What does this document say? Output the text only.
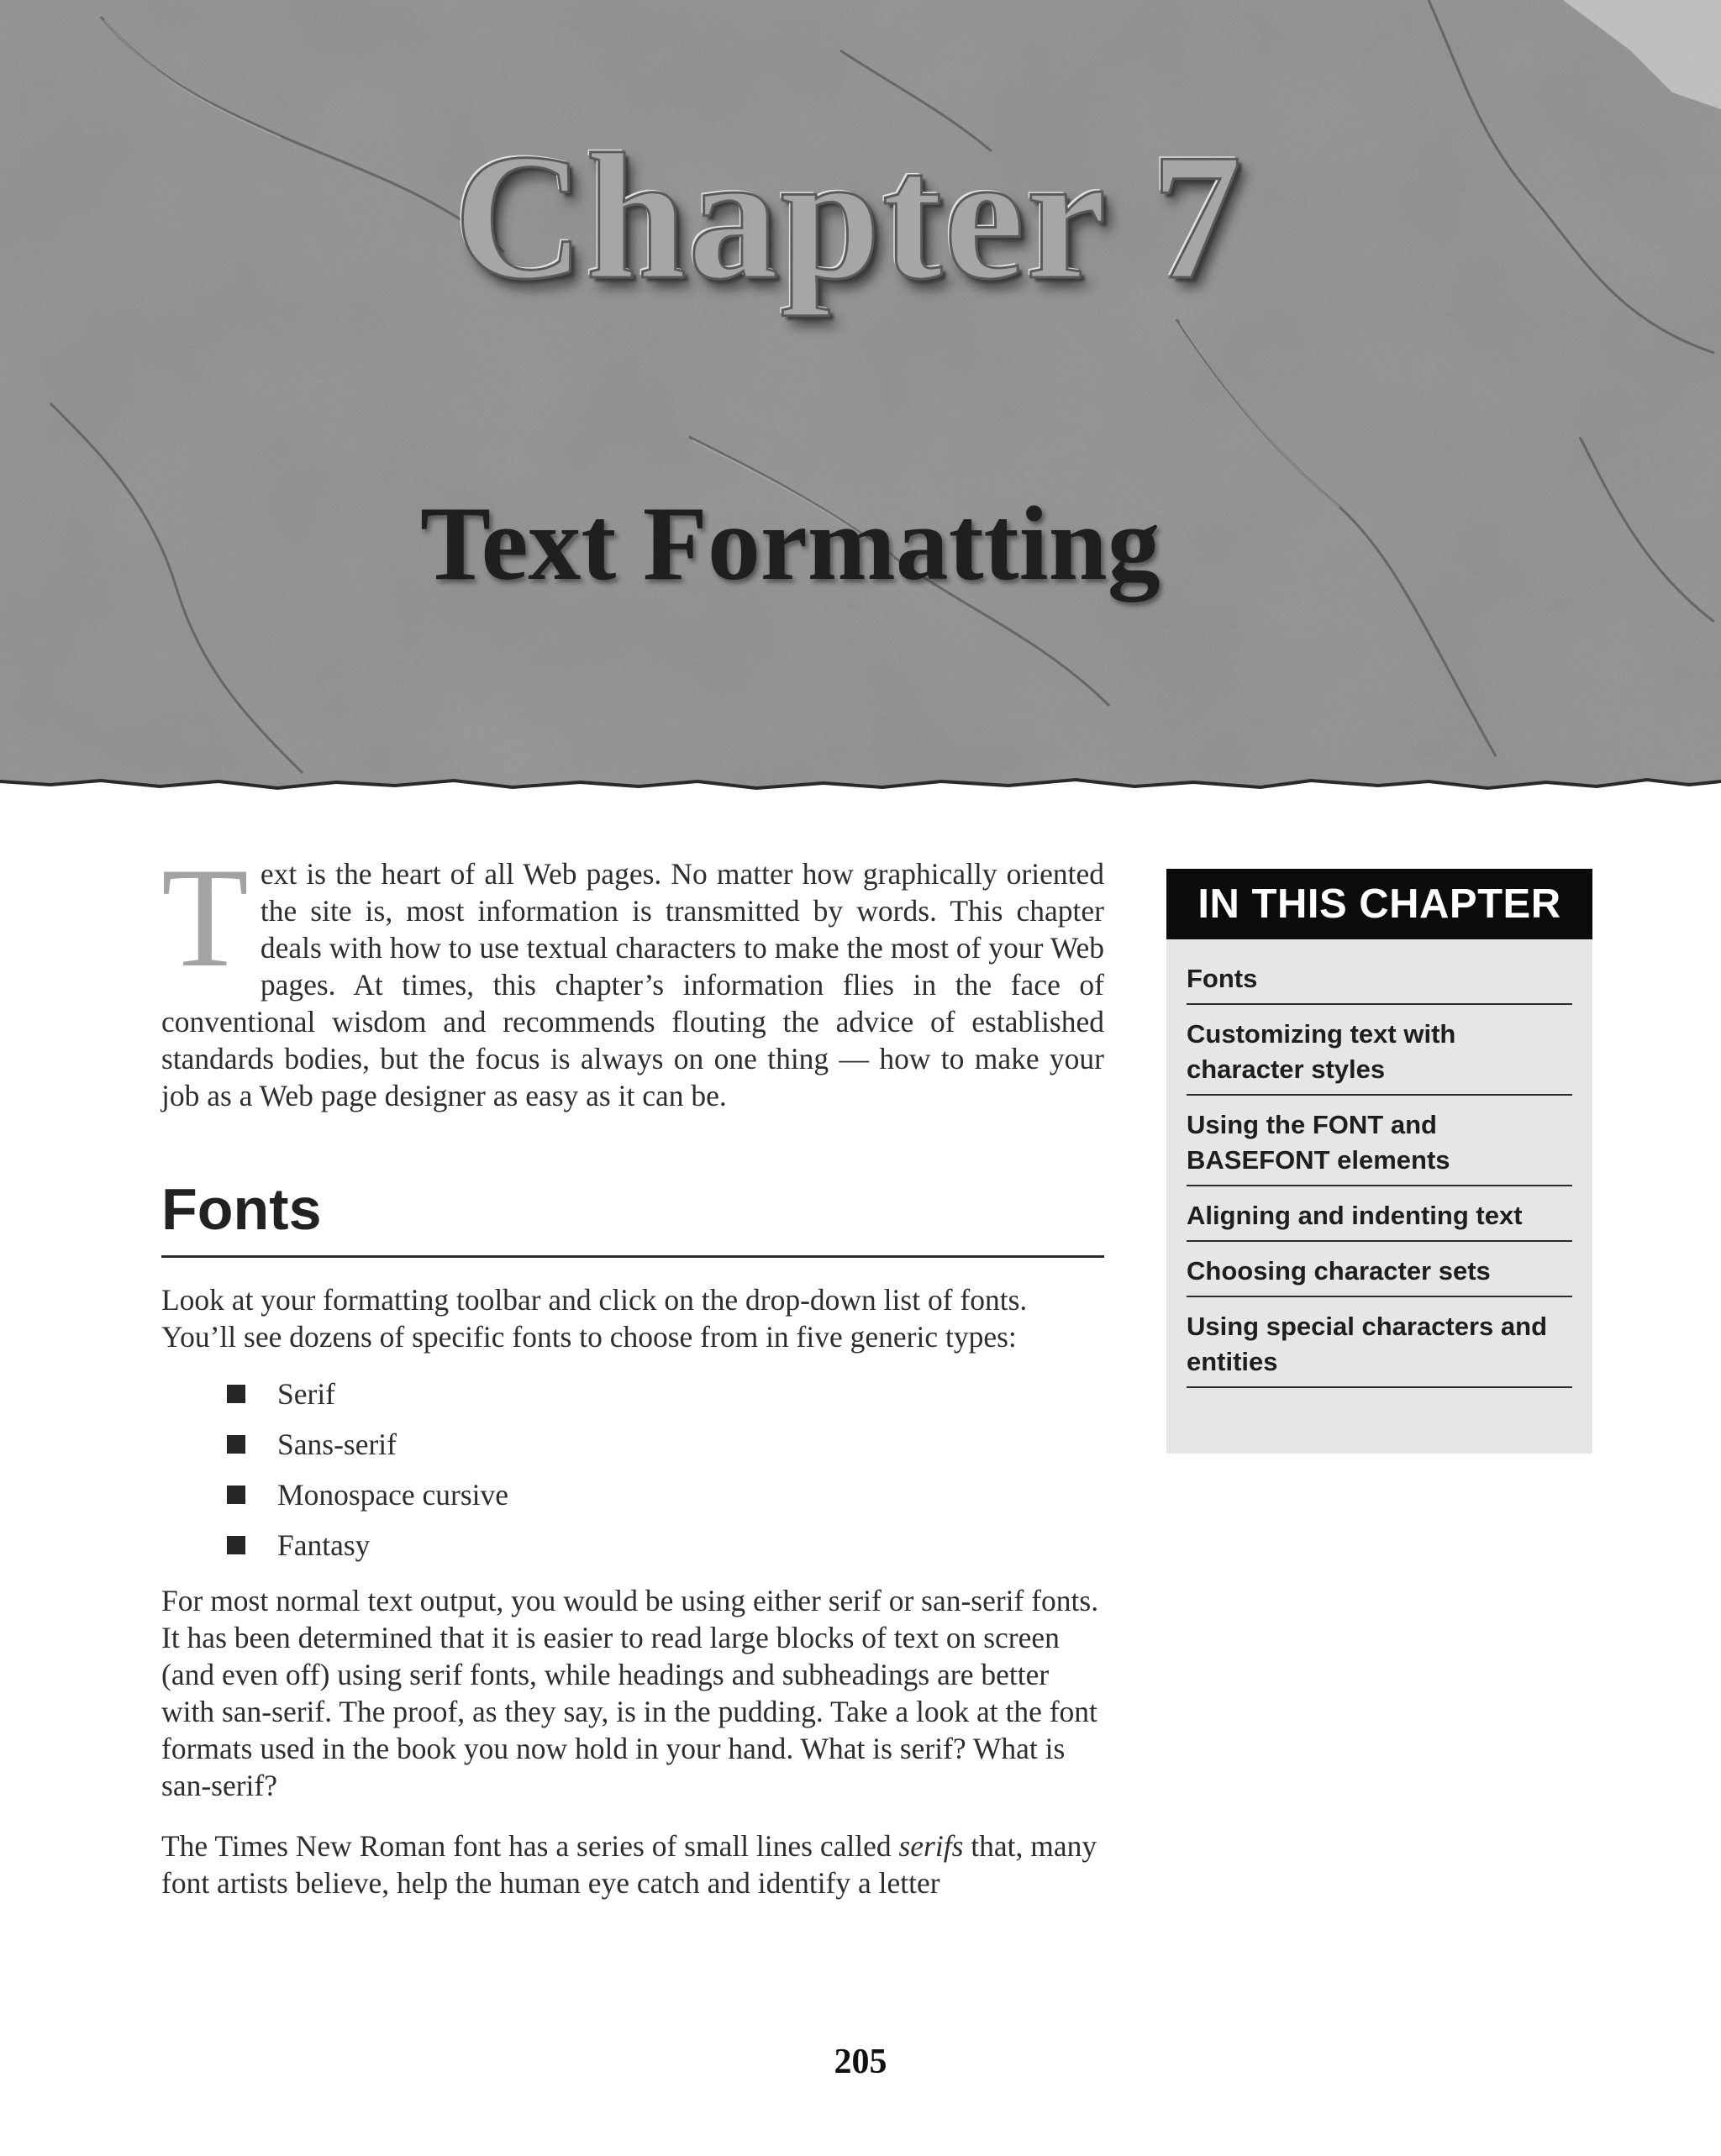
Chapter 7
Text Formatting

Text is the heart of all Web pages. No matter how graphically oriented the site is, most information is transmitted by words. This chapter deals with how to use textual characters to make the most of your Web pages. At times, this chapter’s information flies in the face of conventional wisdom and recommends flouting the advice of established standards bodies, but the focus is always on one thing — how to make your job as a Web page designer as easy as it can be.

Fonts

Look at your formatting toolbar and click on the drop-down list of fonts. You’ll see dozens of specific fonts to choose from in five generic types:

Serif
Sans-serif
Monospace cursive
Fantasy

For most normal text output, you would be using either serif or san-serif fonts. It has been determined that it is easier to read large blocks of text on screen (and even off) using serif fonts, while headings and subheadings are better with san-serif. The proof, as they say, is in the pudding. Take a look at the font formats used in the book you now hold in your hand. What is serif? What is san-serif?

The Times New Roman font has a series of small lines called serifs that, many font artists believe, help the human eye catch and identify a letter

IN THIS CHAPTER
Fonts
Customizing text with character styles
Using the FONT and BASEFONT elements
Aligning and indenting text
Choosing character sets
Using special characters and entities
205
